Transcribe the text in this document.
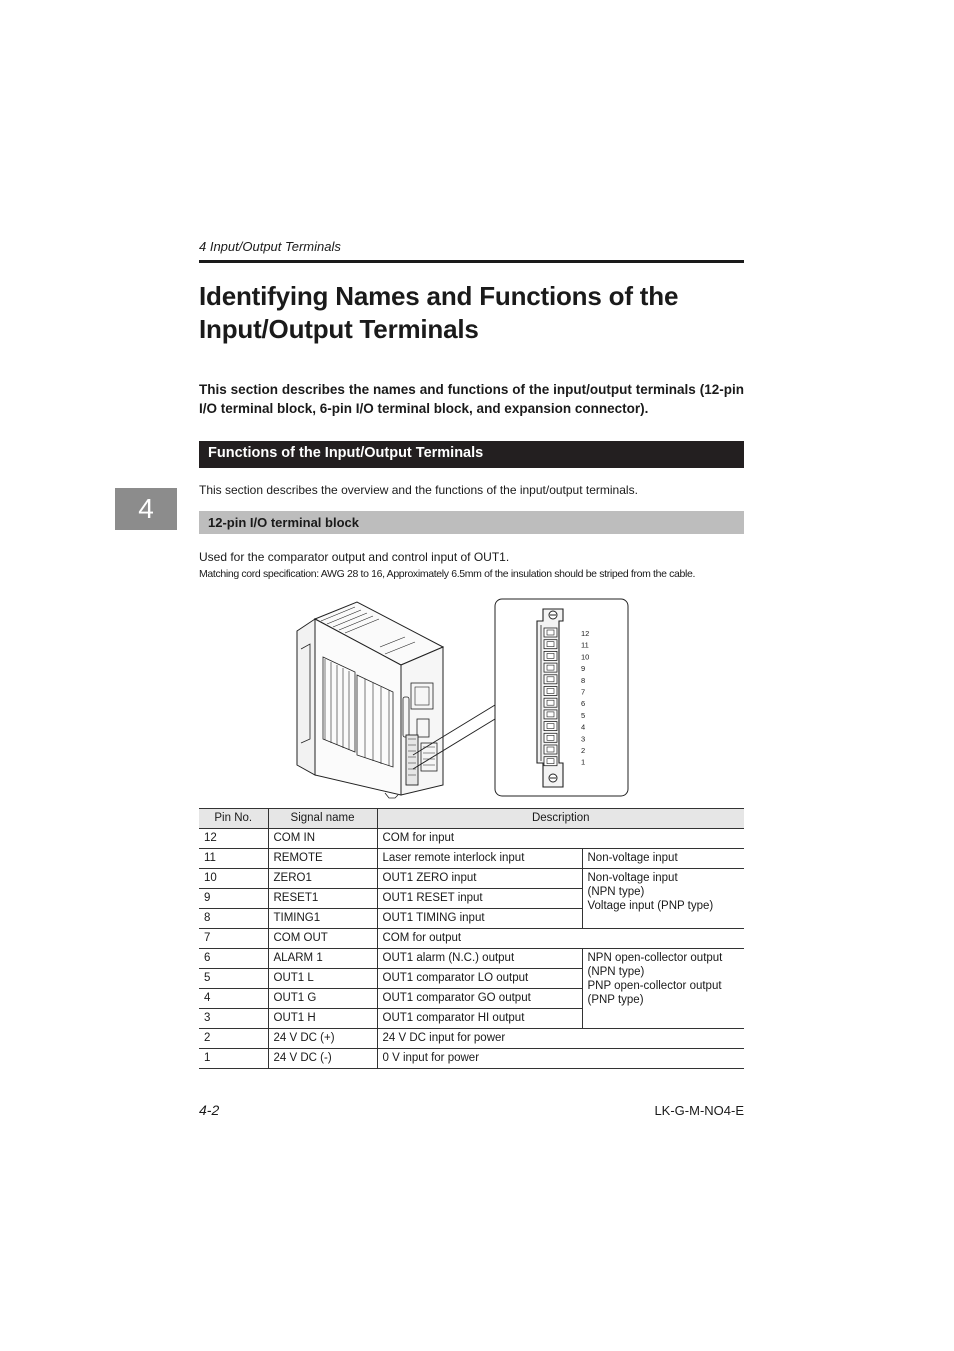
4 Input/Output Terminals
Identifying Names and Functions of the
Input/Output Terminals
This section describes the names and functions of the input/output terminals (12-pin I/O terminal block, 6-pin I/O terminal block, and expansion connector).
Functions of the Input/Output Terminals
4
This section describes the overview and the functions of the input/output terminals.
12-pin I/O terminal block
Used for the comparator output and control input of OUT1.
Matching cord specification: AWG 28 to 16, Approximately 6.5mm of the insulation should be striped from the cable.
12
11
10
9
8
7
6
5
4
3
2
1
Pin No.	Signal name	Description	
12	COM IN	COM for input	
11	REMOTE	Laser remote interlock input	Non-voltage input
10	ZERO1	OUT1 ZERO input	Non-voltage input
(NPN type)
Voltage input (PNP type)

9	RESET1	OUT1 RESET input	
8	TIMING1	OUT1 TIMING input	
7	COM OUT	COM for output	
6	ALARM 1	OUT1 alarm (N.C.) output	NPN open-collector output
(NPN type)
PNP open-collector output
(PNP type)

5	OUT1 L	OUT1 comparator LO output	
4	OUT1 G	OUT1 comparator GO output	
3	OUT1 H	OUT1 comparator HI output	
2	24 V DC (+)	24 V DC input for power	
1	24 V DC (-)	0 V input for power	
4-2	LK-G-M-NO4-E
